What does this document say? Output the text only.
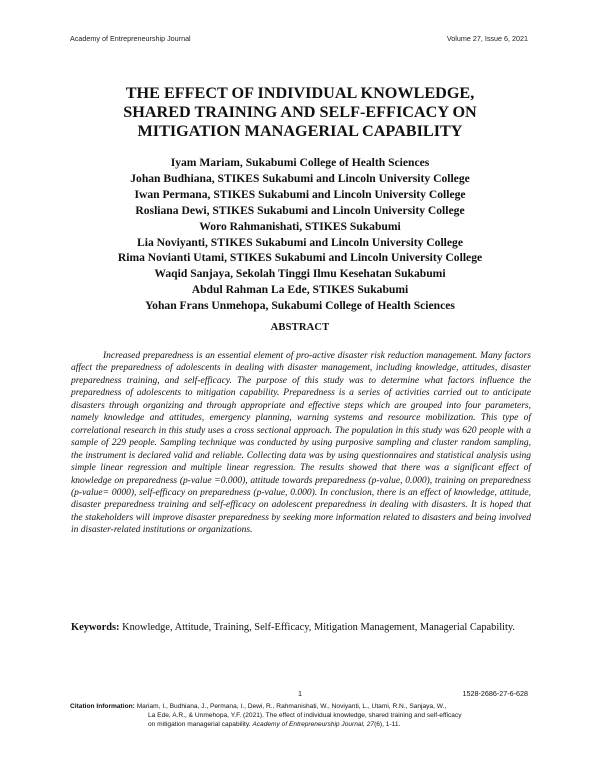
Academy of Entrepreneurship Journal	Volume 27, Issue 6, 2021
THE EFFECT OF INDIVIDUAL KNOWLEDGE,
SHARED TRAINING AND SELF-EFFICACY ON
MITIGATION MANAGERIAL CAPABILITY
Iyam Mariam, Sukabumi College of Health Sciences
Johan Budhiana, STIKES Sukabumi and Lincoln University College
Iwan Permana, STIKES Sukabumi and Lincoln University College
Rosliana Dewi, STIKES Sukabumi and Lincoln University College
Woro Rahmanishati, STIKES Sukabumi
Lia Noviyanti, STIKES Sukabumi and Lincoln University College
Rima Novianti Utami, STIKES Sukabumi and Lincoln University College
Waqid Sanjaya, Sekolah Tinggi Ilmu Kesehatan Sukabumi
Abdul Rahman La Ede, STIKES Sukabumi
Yohan Frans Unmehopa, Sukabumi College of Health Sciences
ABSTRACT

Increased preparedness is an essential element of pro-active disaster risk reduction management. Many factors affect the preparedness of adolescents in dealing with disaster management, including knowledge, attitudes, disaster preparedness training, and self-efficacy. The purpose of this study was to determine what factors influence the preparedness of adolescents to mitigation capability. Preparedness is a series of activities carried out to anticipate disasters through organizing and through appropriate and effective steps which are grouped into four parameters, namely knowledge and attitudes, emergency planning, warning systems and resource mobilization. This type of correlational research in this study uses a cross sectional approach. The population in this study was 620 people with a sample of 229 people. Sampling technique was conducted by using purposive sampling and cluster random sampling, the instrument is declared valid and reliable. Collecting data was by using questionnaires and statistical analysis using simple linear regression and multiple linear regression. The results showed that there was a significant effect of knowledge on preparedness (p-value =0.000), attitude towards preparedness (p-value, 0.000), training on preparedness (p-value= 0000), self-efficacy on preparedness (p-value, 0.000). In conclusion, there is an effect of knowledge, attitude, disaster preparedness training and self-efficacy on adolescent preparedness in dealing with disasters. It is hoped that the stakeholders will improve disaster preparedness by seeking more information related to disasters and being involved in disaster-related institutions or organizations.

Keywords: Knowledge, Attitude, Training, Self-Efficacy, Mitigation Management, Managerial Capability.

1	1528-2686-27-6-628

Citation Information: Mariam, I., Budhiana, J., Permana, I., Dewi, R., Rahmanishati, W., Noviyanti, L., Utami, R.N., Sanjaya, W.,
La Ede, A.R., & Unmehopa, Y.F. (2021). The effect of individual knowledge, shared training and self-efficacy
on mitigation managerial capability. Academy of Entrepreneurship Journal, 27(6), 1-11.
